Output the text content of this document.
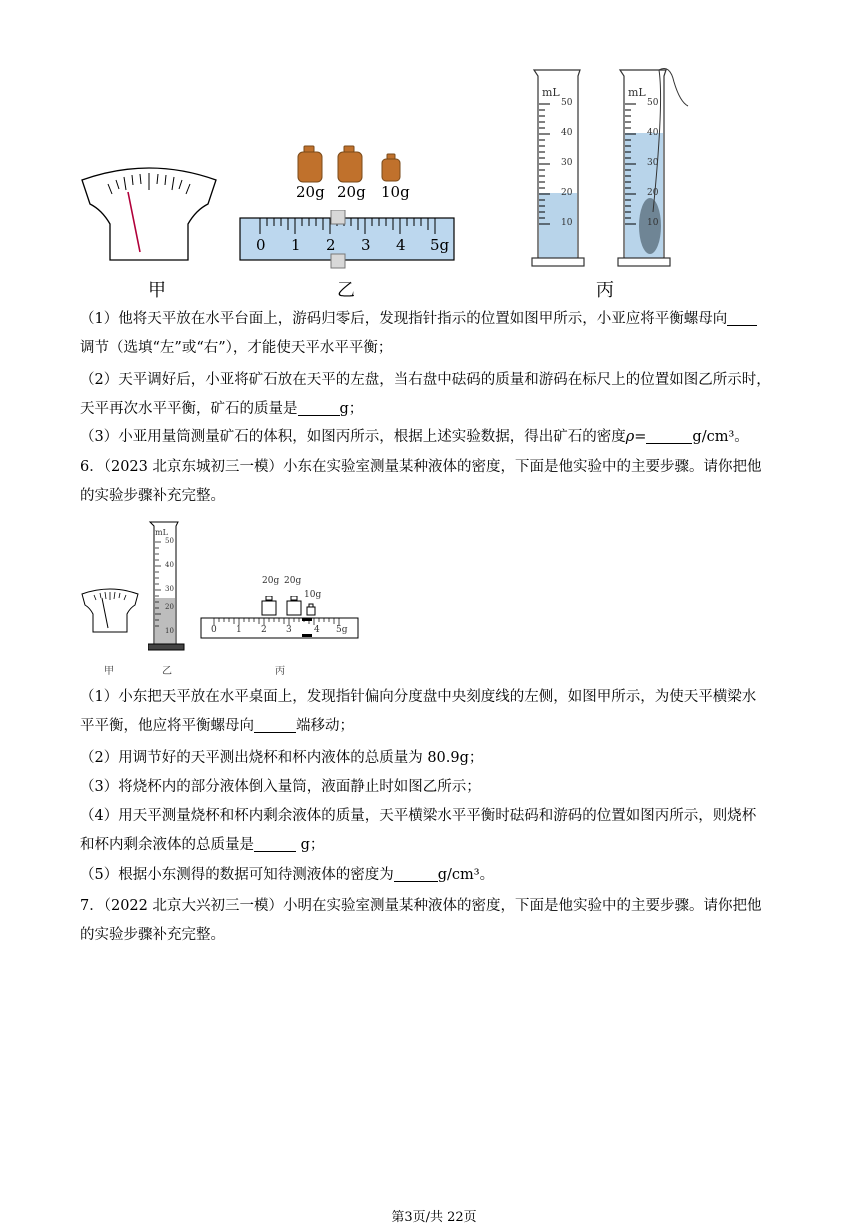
甲
20g 20g 10g
0 1 2 3 4 5g
乙
mL
50
40
30
20
10
mL
50
40
30
20
10
丙
（1）他将天平放在水平台面上，游码归零后，发现指针指示的位置如图甲所示，小亚应将平衡螺母向
调节（选填“左”或“右”），才能使天平水平平衡；
（2）天平调好后，小亚将矿石放在天平的左盘，当右盘中砝码的质量和游码在标尺上的位置如图乙所示时，
天平再次水平平衡，矿石的质量是	g；
（3）小亚用量筒测量矿石的体积，如图丙所示，根据上述实验数据，得出矿石的密度ρ=	g/cm³。
6．（2023 北京东城初三一模）小东在实验室测量某种液体的密度，下面是他实验中的主要步骤。请你把他
的实验步骤补充完整。
甲
mL
50
40
30
20
10
乙
20g 20g
10g
0 1 2 3 4 5g
丙
（1）小东把天平放在水平桌面上，发现指针偏向分度盘中央刻度线的左侧，如图甲所示，为使天平横梁水
平平衡，他应将平衡螺母向	端移动；
（2）用调节好的天平测出烧杯和杯内液体的总质量为 80.9g；
（3）将烧杯内的部分液体倒入量筒，液面静止时如图乙所示；
（4）用天平测量烧杯和杯内剩余液体的质量，天平横梁水平平衡时砝码和游码的位置如图丙所示，则烧杯
和杯内剩余液体的总质量是	g；
（5）根据小东测得的数据可知待测液体的密度为	g/cm³。
7．（2022 北京大兴初三一模）小明在实验室测量某种液体的密度，下面是他实验中的主要步骤。请你把他
的实验步骤补充完整。
第3页/共 22页
